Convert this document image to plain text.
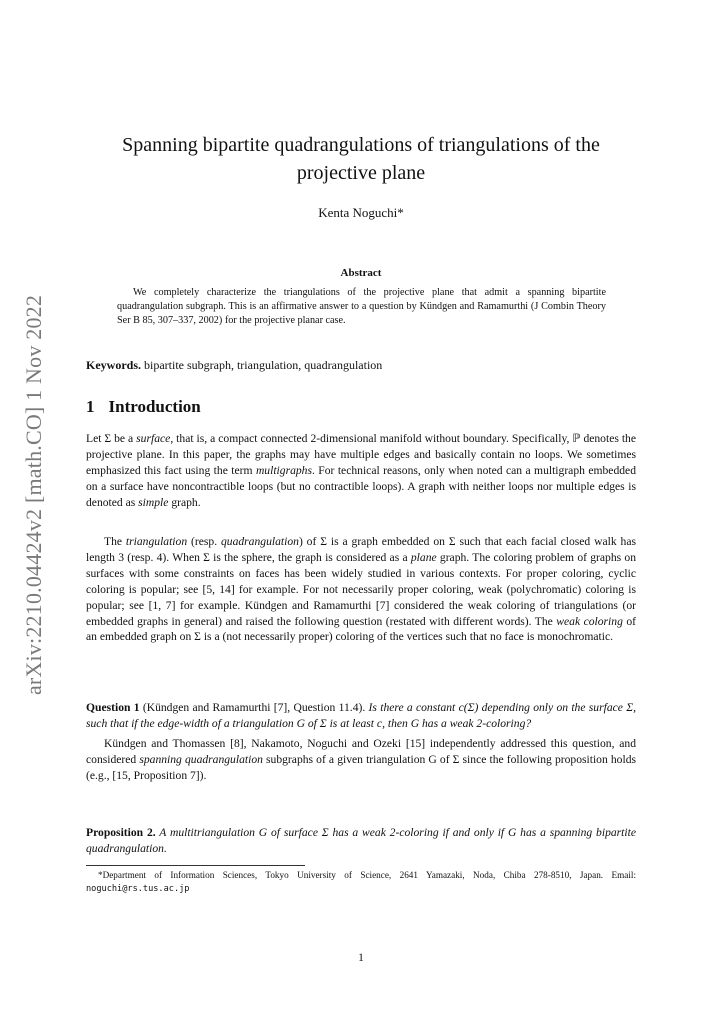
arXiv:2210.04424v2 [math.CO] 1 Nov 2022
Spanning bipartite quadrangulations of triangulations of the projective plane
Kenta Noguchi*
Abstract
We completely characterize the triangulations of the projective plane that admit a spanning bipartite quadrangulation subgraph. This is an affirmative answer to a question by Kündgen and Ramamurthi (J Combin Theory Ser B 85, 307–337, 2002) for the projective planar case.
Keywords. bipartite subgraph, triangulation, quadrangulation
1 Introduction
Let Σ be a surface, that is, a compact connected 2-dimensional manifold without boundary. Specifically, ℙ denotes the projective plane. In this paper, the graphs may have multiple edges and basically contain no loops. We sometimes emphasized this fact using the term multigraphs. For technical reasons, only when noted can a multigraph embedded on a surface have noncontractible loops (but no contractible loops). A graph with neither loops nor multiple edges is denoted as simple graph.
The triangulation (resp. quadrangulation) of Σ is a graph embedded on Σ such that each facial closed walk has length 3 (resp. 4). When Σ is the sphere, the graph is considered as a plane graph. The coloring problem of graphs on surfaces with some constraints on faces has been widely studied in various contexts. For proper coloring, cyclic coloring is popular; see [5, 14] for example. For not necessarily proper coloring, weak (polychromatic) coloring is popular; see [1, 7] for example. Kündgen and Ramamurthi [7] considered the weak coloring of triangulations (or embedded graphs in general) and raised the following question (restated with different words). The weak coloring of an embedded graph on Σ is a (not necessarily proper) coloring of the vertices such that no face is monochromatic.
Question 1 (Kündgen and Ramamurthi [7], Question 11.4). Is there a constant c(Σ) depending only on the surface Σ, such that if the edge-width of a triangulation G of Σ is at least c, then G has a weak 2-coloring?
Kündgen and Thomassen [8], Nakamoto, Noguchi and Ozeki [15] independently addressed this question, and considered spanning quadrangulation subgraphs of a given triangulation G of Σ since the following proposition holds (e.g., [15, Proposition 7]).
Proposition 2. A multitriangulation G of surface Σ has a weak 2-coloring if and only if G has a spanning bipartite quadrangulation.
*Department of Information Sciences, Tokyo University of Science, 2641 Yamazaki, Noda, Chiba 278-8510, Japan. Email: noguchi@rs.tus.ac.jp
1
